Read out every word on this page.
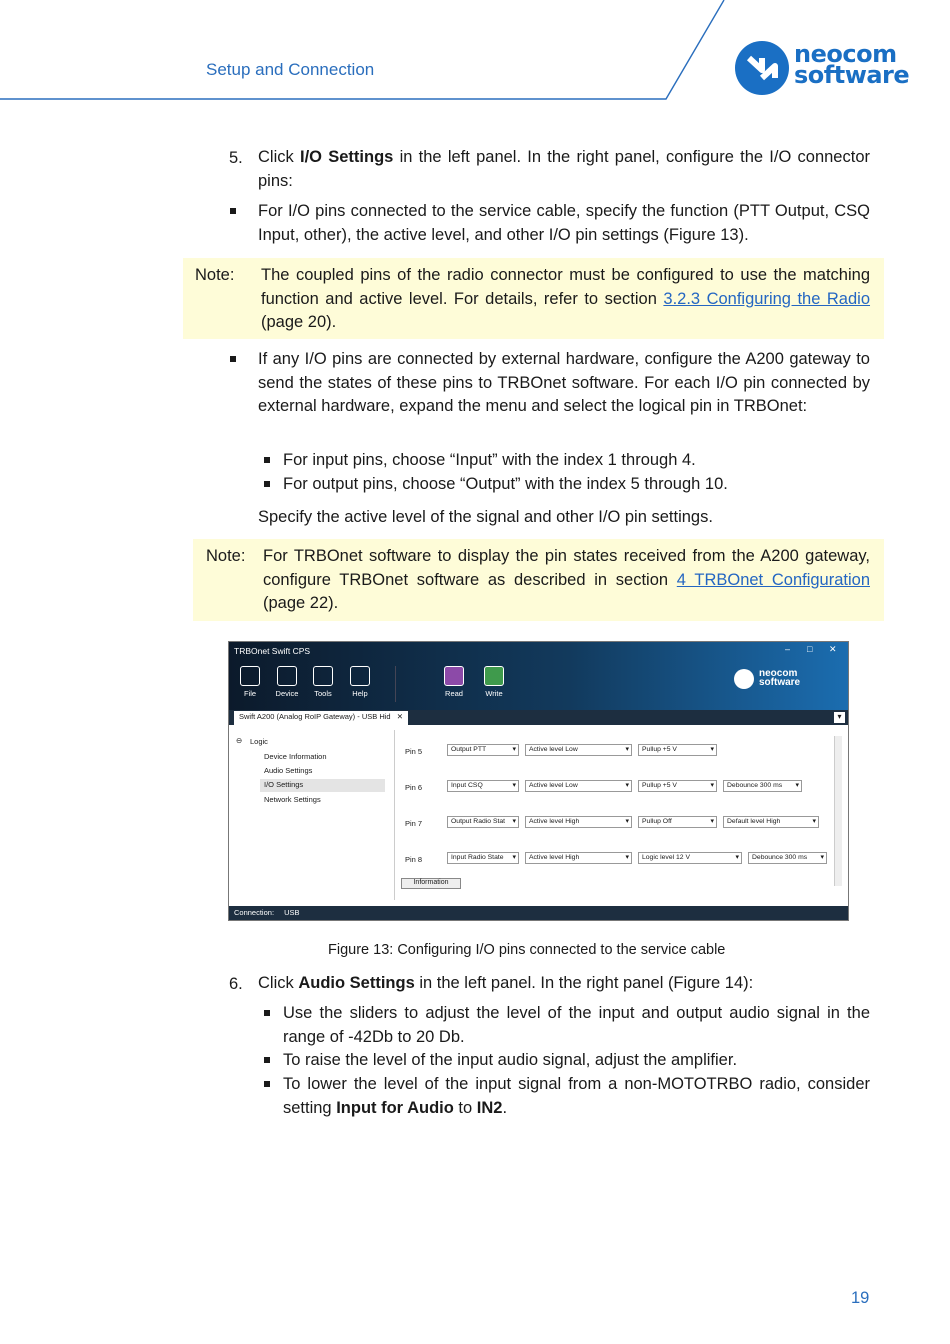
Setup and Connection
neocom
software
5. Click I/O Settings in the left panel. In the right panel, configure the I/O connector pins:
For I/O pins connected to the service cable, specify the function (PTT Output, CSQ Input, other), the active level, and other I/O pin settings (Figure 13).
Note: The coupled pins of the radio connector must be configured to use the matching function and active level. For details, refer to section 3.2.3 Configuring the Radio (page 20).
If any I/O pins are connected by external hardware, configure the A200 gateway to send the states of these pins to TRBOnet software. For each I/O pin connected by external hardware, expand the menu and select the logical pin in TRBOnet:
For input pins, choose “Input” with the index 1 through 4.
For output pins, choose “Output” with the index 5 through 10.
Specify the active level of the signal and other I/O pin settings.
Note: For TRBOnet software to display the pin states received from the A200 gateway, configure TRBOnet software as described in section 4 TRBOnet Configuration (page 22).
TRBOnet Swift CPS	– □ ✕
File	Device	Tools	Help	Read	Write
neocom
software
Swift A200 (Analog RoIP Gateway) - USB Hid ✕	▾
⊖ Logic
Device Information
Audio Settings
I/O Settings
Network Settings
Pin 5	Output PTT ▾	Active level Low ▾	Pullup +5 V ▾
Pin 6	Input CSQ ▾	Active level Low ▾	Pullup +5 V ▾	Debounce 300 ms ▾
Pin 7	Output Radio Stat ▾	Active level High ▾	Pullup Off ▾	Default level High ▾
Pin 8	Input Radio State ▾	Active level High ▾	Logic level 12 V ▾	Debounce 300 ms ▾
Information
Connection: USB
Figure 13: Configuring I/O pins connected to the service cable
6. Click Audio Settings in the left panel. In the right panel (Figure 14):
Use the sliders to adjust the level of the input and output audio signal in the range of -42Db to 20 Db.
To raise the level of the input audio signal, adjust the amplifier.
To lower the level of the input signal from a non-MOTOTRBO radio, consider setting Input for Audio to IN2.
19
